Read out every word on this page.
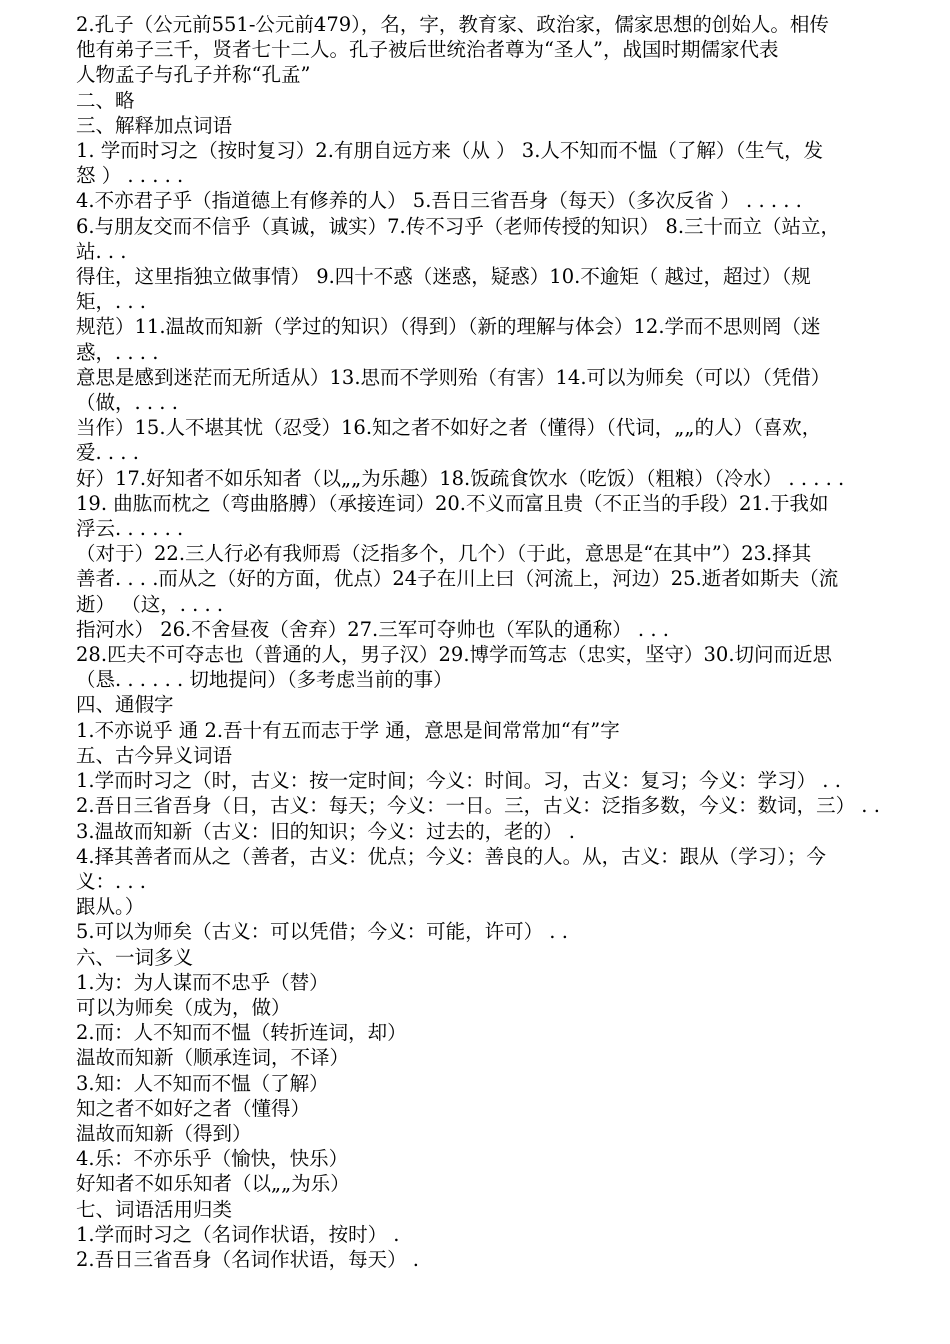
2.孔子（公元前551-公元前479），名，字，教育家、政治家，儒家思想的创始人。相传
他有弟子三千，贤者七十二人。孔子被后世统治者尊为“圣人”，战国时期儒家代表
人物孟子与孔子并称“孔孟”
二、略
三、解释加点词语
1. 学而时习之（按时复习）2.有朋自远方来（从 ） 3.人不知而不愠（了解）（生气，发
怒 ） . . . . .
4.不亦君子乎（指道德上有修养的人） 5.吾日三省吾身（每天）（多次反省 ） . . . . .
6.与朋友交而不信乎（真诚，诚实）7.传不习乎（老师传授的知识） 8.三十而立（站立，
站. . .
得住，这里指独立做事情） 9.四十不惑（迷惑，疑惑）10.不逾矩（ 越过，超过）（规
矩，. . .
规范）11.温故而知新（学过的知识）（得到）（新的理解与体会）12.学而不思则罔（迷
惑，. . . .
意思是感到迷茫而无所适从）13.思而不学则殆（有害）14.可以为师矣（可以）（凭借）
（做，. . . .
当作）15.人不堪其忧（忍受）16.知之者不如好之者（懂得）（代词，„„的人）（喜欢，
爱. . . .
好）17.好知者不如乐知者（以„„为乐趣）18.饭疏食饮水（吃饭）（粗粮）（冷水） . . . . .
19. 曲肱而枕之（弯曲胳膊）（承接连词）20.不义而富且贵（不正当的手段）21.于我如
浮云. . . . . .
（对于）22.三人行必有我师焉（泛指多个，几个）（于此，意思是“在其中”）23.择其
善者. . . .而从之（好的方面，优点）24子在川上曰（河流上，河边）25.逝者如斯夫（流
逝） （这，. . . .
指河水） 26.不舍昼夜（舍弃）27.三军可夺帅也（军队的通称） . . .
28.匹夫不可夺志也（普通的人，男子汉）29.博学而笃志（忠实，坚守）30.切问而近思
（恳. . . . . . 切地提问）（多考虑当前的事）
四、通假字
1.不亦说乎 通 2.吾十有五而志于学 通，意思是间常常加“有”字
五、古今异义词语
1.学而时习之（时，古义：按一定时间；今义：时间。习，古义：复习；今义：学习） . .
2.吾日三省吾身（日，古义：每天；今义：一日。三，古义：泛指多数，今义：数词，三） . .
3.温故而知新（古义：旧的知识；今义：过去的，老的） .
4.择其善者而从之（善者，古义：优点；今义：善良的人。从，古义：跟从（学习）；今
义：. . .
跟从。）
5.可以为师矣（古义：可以凭借；今义：可能，许可） . .
六、一词多义
1.为：为人谋而不忠乎（替）
可以为师矣（成为，做）
2.而：人不知而不愠（转折连词，却）
温故而知新（顺承连词，不译）
3.知：人不知而不愠（了解）
知之者不如好之者（懂得）
温故而知新（得到）
4.乐：不亦乐乎（愉快，快乐）
好知者不如乐知者（以„„为乐）
七、词语活用归类
1.学而时习之（名词作状语，按时） .
2.吾日三省吾身（名词作状语，每天） .
